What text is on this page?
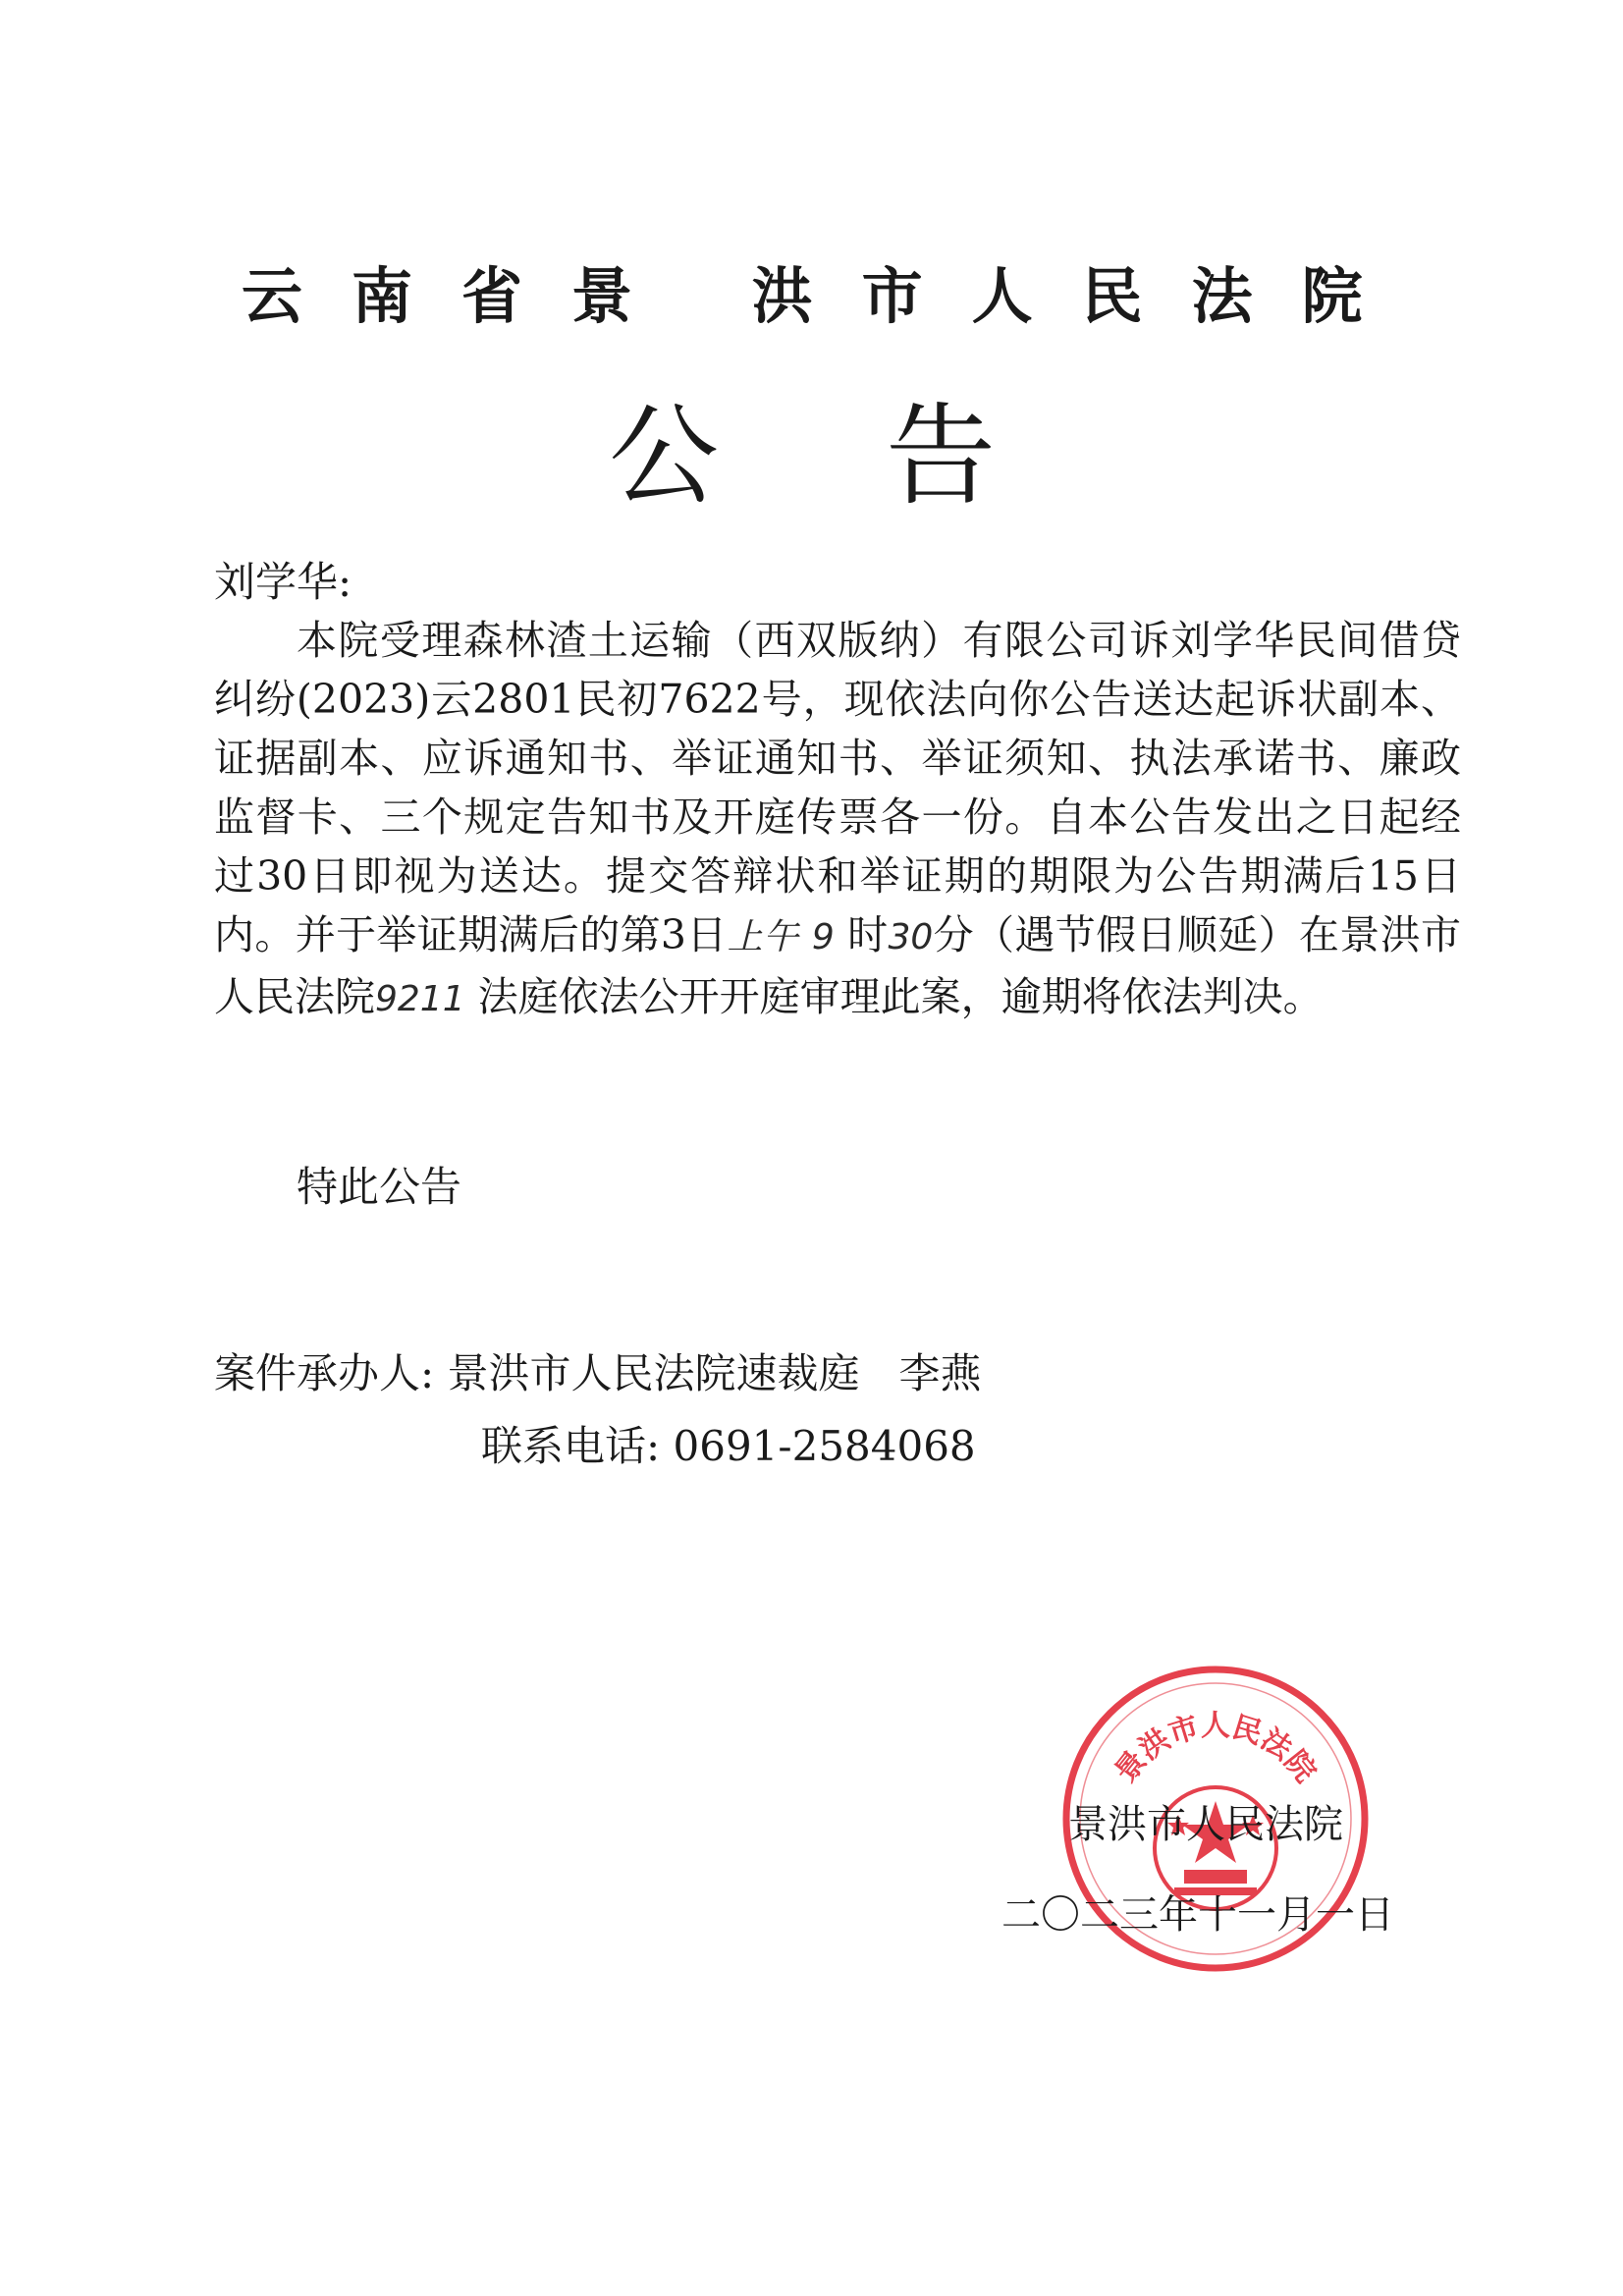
云南省景 洪市人民法院
公告
刘学华:
本院受理森林渣土运输（西双版纳）有限公司诉刘学华民间借贷纠纷(2023)云2801民初7622号，现依法向你公告送达起诉状副本、证据副本、应诉通知书、举证通知书、举证须知、执法承诺书、廉政监督卡、三个规定告知书及开庭传票各一份。自本公告发出之日起经过30日即视为送达。提交答辩状和举证期的期限为公告期满后15日内。并于举证期满后的第3日上午 9 时30分（遇节假日顺延）在景洪市人民法院9211 法庭依法公开开庭审理此案，逾期将依法判决。
特此公告
案件承办人: 景洪市人民法院速裁庭 李燕
联系电话: 0691-2584068
景洪市人民法院
景洪市人民法院
二〇二三年十一月一日
